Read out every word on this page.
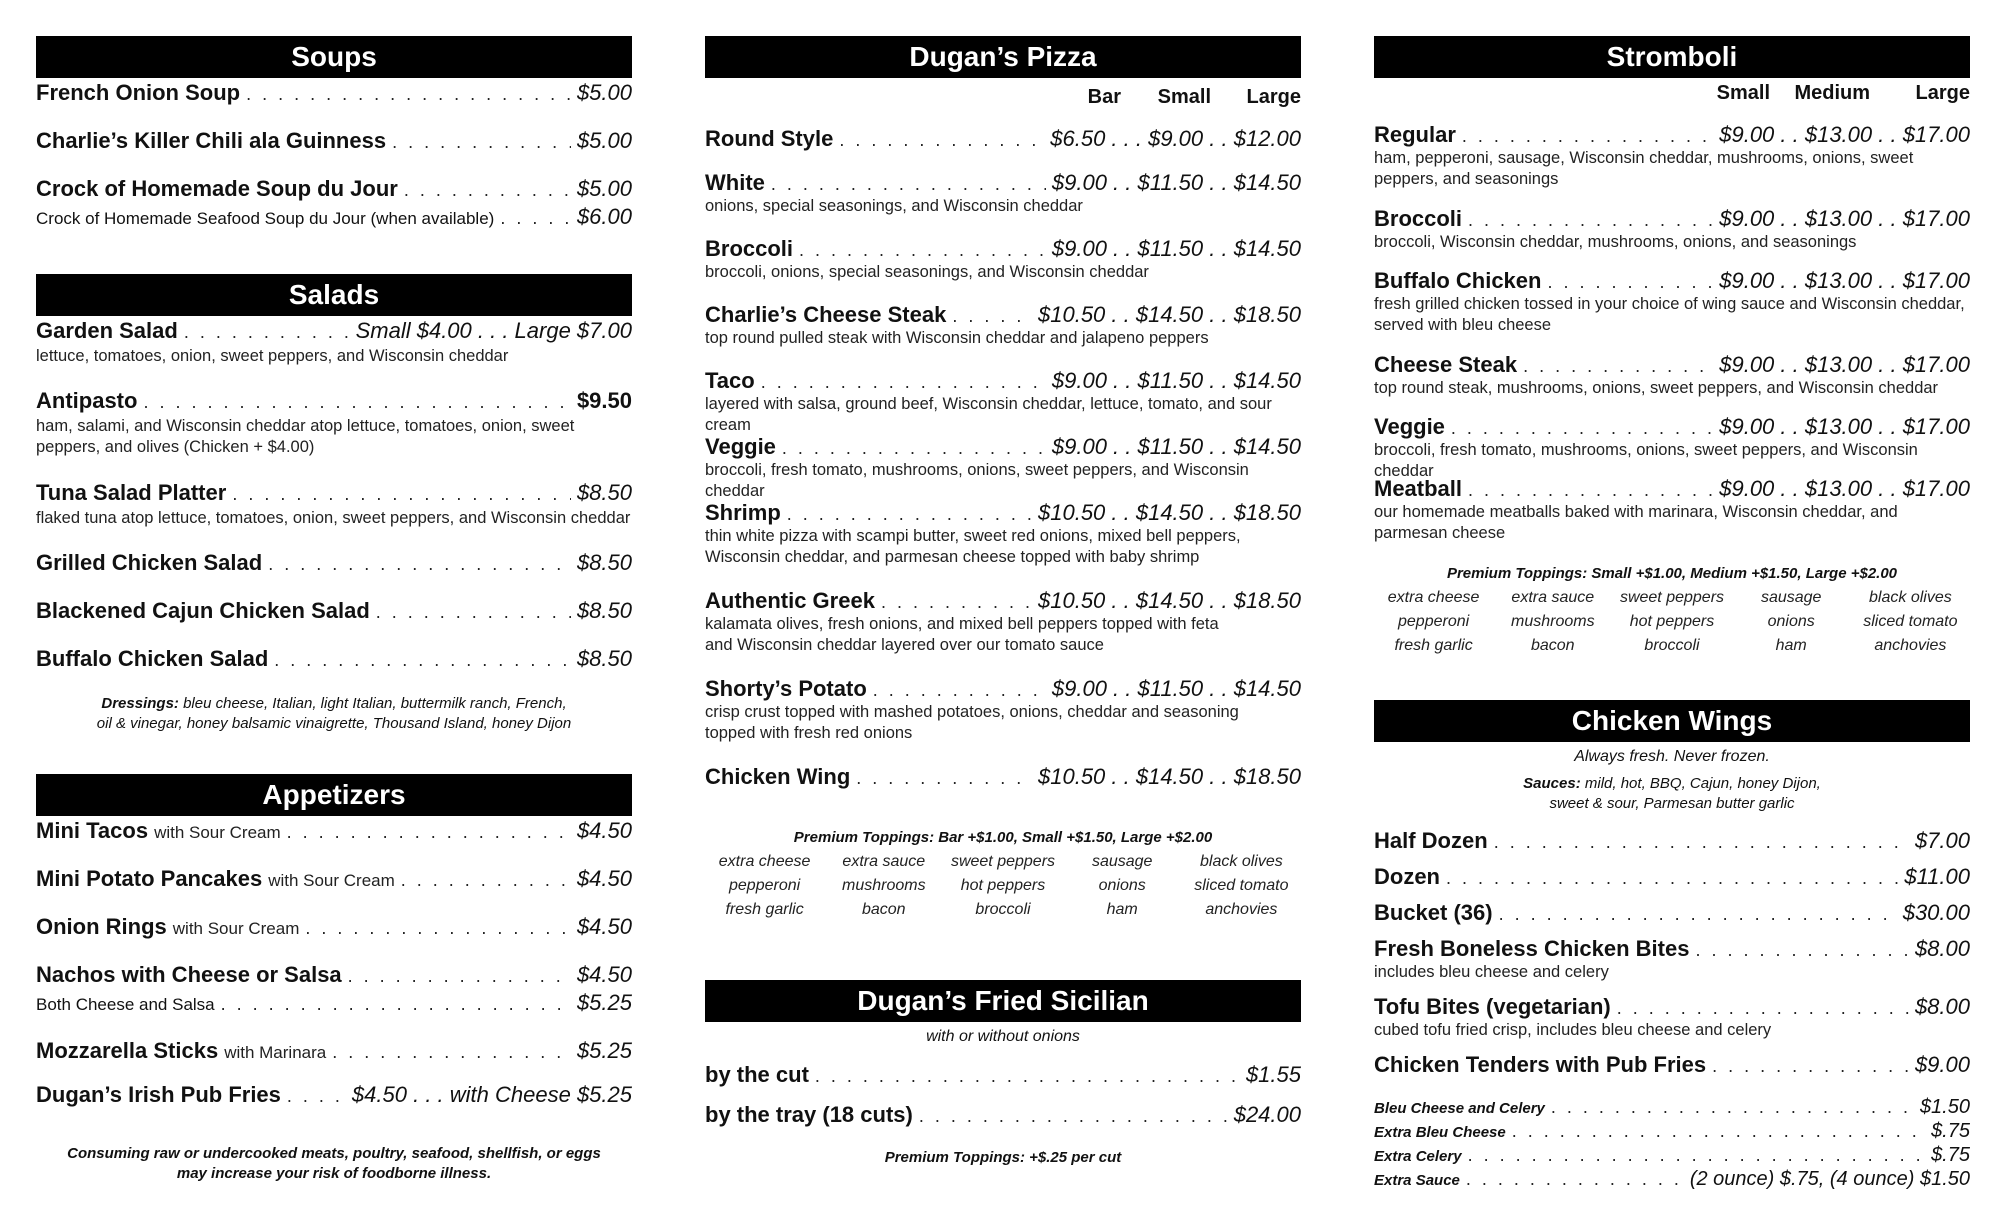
Soups
French Onion Soup . . .	$5.00
Charlie’s Killer Chili ala Guinness . . .	$5.00
Crock of Homemade Soup du Jour . . .	$5.00
Crock of Homemade Seafood Soup du Jour (when available) . . .	$6.00
Salads
Garden Salad . . .	Small $4.00 . . . Large $7.00
lettuce, tomatoes, onion, sweet peppers, and Wisconsin cheddar
Antipasto . . .	$9.50
ham, salami, and Wisconsin cheddar atop lettuce, tomatoes, onion, sweet peppers, and olives (Chicken + $4.00)
Tuna Salad Platter . . .	$8.50
flaked tuna atop lettuce, tomatoes, onion, sweet peppers, and Wisconsin cheddar
Grilled Chicken Salad . . .	$8.50
Blackened Cajun Chicken Salad . . .	$8.50
Buffalo Chicken Salad . . .	$8.50
Dressings: bleu cheese, Italian, light Italian, buttermilk ranch, French,
oil & vinegar, honey balsamic vinaigrette, Thousand Island, honey Dijon
Appetizers
Mini Tacos with Sour Cream . . .	$4.50
Mini Potato Pancakes with Sour Cream . . .	$4.50
Onion Rings with Sour Cream . . .	$4.50
Nachos with Cheese or Salsa . . .	$4.50
Both Cheese and Salsa . . .	$5.25
Mozzarella Sticks with Marinara . . .	$5.25
Dugan’s Irish Pub Fries . . .	$4.50 . . . with Cheese $5.25
Consuming raw or undercooked meats, poultry, seafood, shellfish, or eggs
may increase your risk of foodborne illness.
Dugan’s Pizza
Bar	Small	Large
Round Style . . .	$6.50 . . . $9.00 . . $12.00
White . . .	$9.00 . . $11.50 . . $14.50
onions, special seasonings, and Wisconsin cheddar
Broccoli . . .	$9.00 . . $11.50 . . $14.50
broccoli, onions, special seasonings, and Wisconsin cheddar
Charlie’s Cheese Steak . . .	$10.50 . . $14.50 . . $18.50
top round pulled steak with Wisconsin cheddar and jalapeno peppers
Taco . . .	$9.00 . . $11.50 . . $14.50
layered with salsa, ground beef, Wisconsin cheddar, lettuce, tomato, and sour cream
Veggie . . .	$9.00 . . $11.50 . . $14.50
broccoli, fresh tomato, mushrooms, onions, sweet peppers, and Wisconsin cheddar
Shrimp . . .	$10.50 . . $14.50 . . $18.50
thin white pizza with scampi butter, sweet red onions, mixed bell peppers, Wisconsin cheddar, and parmesan cheese topped with baby shrimp
Authentic Greek . . .	$10.50 . . $14.50 . . $18.50
kalamata olives, fresh onions, and mixed bell peppers topped with feta and Wisconsin cheddar layered over our tomato sauce
Shorty’s Potato . . .	$9.00 . . $11.50 . . $14.50
crisp crust topped with mashed potatoes, onions, cheddar and seasoning topped with fresh red onions
Chicken Wing . . .	$10.50 . . $14.50 . . $18.50
Premium Toppings: Bar +$1.00, Small +$1.50, Large +$2.00
extra cheese	extra sauce	sweet peppers	sausage	black olives
pepperoni	mushrooms	hot peppers	onions	sliced tomato
fresh garlic	bacon	broccoli	ham	anchovies
Dugan’s Fried Sicilian
with or without onions
by the cut . . .	$1.55
by the tray (18 cuts) . . .	$24.00
Premium Toppings: +$.25 per cut
Stromboli
Small	Medium	Large
Regular . . .	$9.00 . . $13.00 . . $17.00
ham, pepperoni, sausage, Wisconsin cheddar, mushrooms, onions, sweet peppers, and seasonings
Broccoli . . .	$9.00 . . $13.00 . . $17.00
broccoli, Wisconsin cheddar, mushrooms, onions, and seasonings
Buffalo Chicken . . .	$9.00 . . $13.00 . . $17.00
fresh grilled chicken tossed in your choice of wing sauce and Wisconsin cheddar, served with bleu cheese
Cheese Steak . . .	$9.00 . . $13.00 . . $17.00
top round steak, mushrooms, onions, sweet peppers, and Wisconsin cheddar
Veggie . . .	$9.00 . . $13.00 . . $17.00
broccoli, fresh tomato, mushrooms, onions, sweet peppers, and Wisconsin cheddar
Meatball . . .	$9.00 . . $13.00 . . $17.00
our homemade meatballs baked with marinara, Wisconsin cheddar, and parmesan cheese
Premium Toppings: Small +$1.00, Medium +$1.50, Large +$2.00
extra cheese	extra sauce	sweet peppers	sausage	black olives
pepperoni	mushrooms	hot peppers	onions	sliced tomato
fresh garlic	bacon	broccoli	ham	anchovies
Chicken Wings
Always fresh. Never frozen.
Sauces: mild, hot, BBQ, Cajun, honey Dijon,
sweet & sour, Parmesan butter garlic
Half Dozen . . .	$7.00
Dozen . . .	$11.00
Bucket (36) . . .	$30.00
Fresh Boneless Chicken Bites . . .	$8.00
includes bleu cheese and celery
Tofu Bites (vegetarian) . . .	$8.00
cubed tofu fried crisp, includes bleu cheese and celery
Chicken Tenders with Pub Fries . . .	$9.00
Bleu Cheese and Celery . . .	$1.50
Extra Bleu Cheese . . .	$.75
Extra Celery . . .	$.75
Extra Sauce . . .	(2 ounce) $.75, (4 ounce) $1.50
